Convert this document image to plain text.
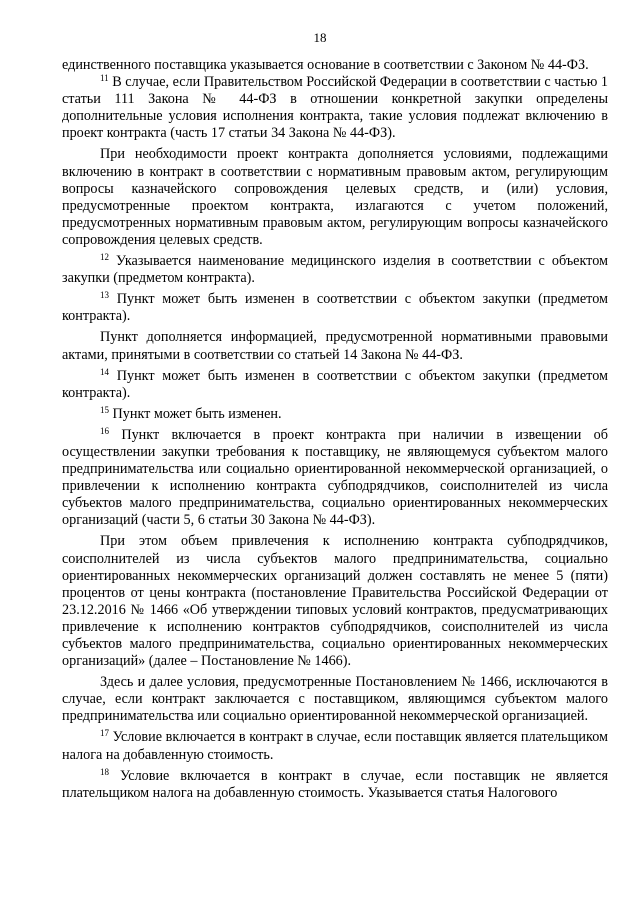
18

единственного поставщика указывается основание в соответствии с Законом № 44-ФЗ.

$^{11}$ В случае, если Правительством Российской Федерации в соответствии с частью 1 статьи 111 Закона № 44-ФЗ в отношении конкретной закупки определены дополнительные условия исполнения контракта, такие условия подлежат включению в проект контракта (часть 17 статьи 34 Закона № 44-ФЗ).

При необходимости проект контракта дополняется условиями, подлежащими включению в контракт в соответствии с нормативным правовым актом, регулирующим вопросы казначейского сопровождения целевых средств, и (или) условия, предусмотренные проектом контракта, излагаются с учетом положений, предусмотренных нормативным правовым актом, регулирующим вопросы казначейского сопровождения целевых средств.

$^{12}$ Указывается наименование медицинского изделия в соответствии с объектом закупки (предметом контракта).

$^{13}$ Пункт может быть изменен в соответствии с объектом закупки (предметом контракта).

Пункт дополняется информацией, предусмотренной нормативными правовыми актами, принятыми в соответствии со статьей 14 Закона № 44-ФЗ.

$^{14}$ Пункт может быть изменен в соответствии с объектом закупки (предметом контракта).

$^{15}$ Пункт может быть изменен.

$^{16}$ Пункт включается в проект контракта при наличии в извещении об осуществлении закупки требования к поставщику, не являющемуся субъектом малого предпринимательства или социально ориентированной некоммерческой организацией, о привлечении к исполнению контракта субподрядчиков, соисполнителей из числа субъектов малого предпринимательства, социально ориентированных некоммерческих организаций (части 5, 6 статьи 30 Закона № 44-ФЗ).

При этом объем привлечения к исполнению контракта субподрядчиков, соисполнителей из числа субъектов малого предпринимательства, социально ориентированных некоммерческих организаций должен составлять не менее 5 (пяти) процентов от цены контракта (постановление Правительства Российской Федерации от 23.12.2016 № 1466 «Об утверждении типовых условий контрактов, предусматривающих привлечение к исполнению контрактов субподрядчиков, соисполнителей из числа субъектов малого предпринимательства, социально ориентированных некоммерческих организаций» (далее – Постановление № 1466).

Здесь и далее условия, предусмотренные Постановлением № 1466, исключаются в случае, если контракт заключается с поставщиком, являющимся субъектом малого предпринимательства или социально ориентированной некоммерческой организацией.

$^{17}$ Условие включается в контракт в случае, если поставщик является плательщиком налога на добавленную стоимость.

$^{18}$ Условие включается в контракт в случае, если поставщик не является плательщиком налога на добавленную стоимость. Указывается статья Налогового
